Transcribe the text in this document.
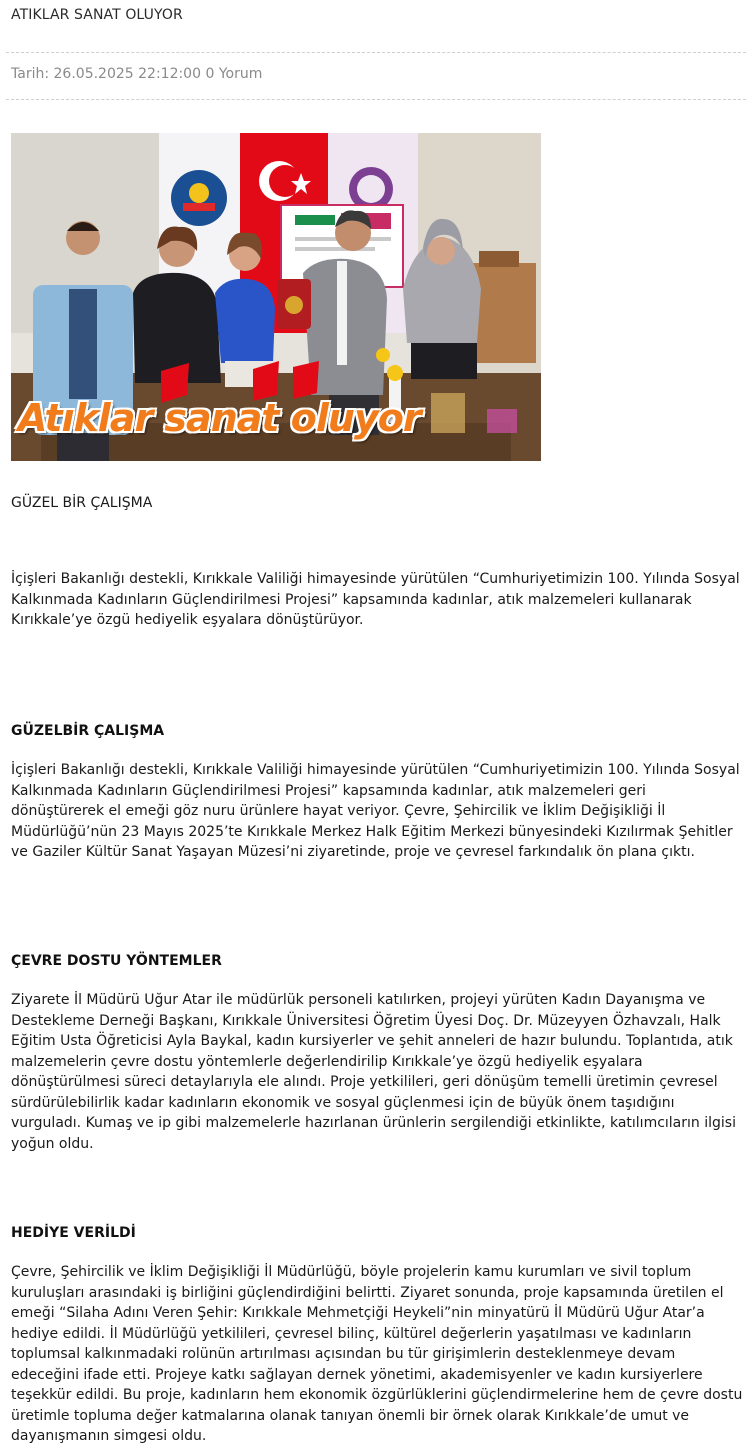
ATIKLAR SANAT OLUYOR
Tarih: 26.05.2025 22:12:00 0 Yorum
Atıklar sanat oluyor
GÜZEL BİR ÇALIŞMA

İçişleri Bakanlığı destekli, Kırıkkale Valiliği himayesinde yürütülen “Cumhuriyetimizin 100. Yılında Sosyal Kalkınmada Kadınların Güçlendirilmesi Projesi” kapsamında kadınlar, atık malzemeleri kullanarak Kırıkkale’ye özgü hediyelik eşyalara dönüştürüyor.

GÜZELBİR ÇALIŞMA

İçişleri Bakanlığı destekli, Kırıkkale Valiliği himayesinde yürütülen “Cumhuriyetimizin 100. Yılında Sosyal Kalkınmada Kadınların Güçlendirilmesi Projesi” kapsamında kadınlar, atık malzemeleri geri dönüştürerek el emeği göz nuru ürünlere hayat veriyor. Çevre, Şehircilik ve İklim Değişikliği İl Müdürlüğü’nün 23 Mayıs 2025’te Kırıkkale Merkez Halk Eğitim Merkezi bünyesindeki Kızılırmak Şehitler ve Gaziler Kültür Sanat Yaşayan Müzesi’ni ziyaretinde, proje ve çevresel farkındalık ön plana çıktı.

ÇEVRE DOSTU YÖNTEMLER

Ziyarete İl Müdürü Uğur Atar ile müdürlük personeli katılırken, projeyi yürüten Kadın Dayanışma ve Destekleme Derneği Başkanı, Kırıkkale Üniversitesi Öğretim Üyesi Doç. Dr. Müzeyyen Özhavzalı, Halk Eğitim Usta Öğreticisi Ayla Baykal, kadın kursiyerler ve şehit anneleri de hazır bulundu. Toplantıda, atık malzemelerin çevre dostu yöntemlerle değerlendirilip Kırıkkale’ye özgü hediyelik eşyalara dönüştürülmesi süreci detaylarıyla ele alındı. Proje yetkilileri, geri dönüşüm temelli üretimin çevresel sürdürülebilirlik kadar kadınların ekonomik ve sosyal güçlenmesi için de büyük önem taşıdığını vurguladı. Kumaş ve ip gibi malzemelerle hazırlanan ürünlerin sergilendiği etkinlikte, katılımcıların ilgisi yoğun oldu.

HEDİYE VERİLDİ

Çevre, Şehircilik ve İklim Değişikliği İl Müdürlüğü, böyle projelerin kamu kurumları ve sivil toplum kuruluşları arasındaki iş birliğini güçlendirdiğini belirtti. Ziyaret sonunda, proje kapsamında üretilen el emeği “Silaha Adını Veren Şehir: Kırıkkale Mehmetçiği Heykeli”nin minyatürü İl Müdürü Uğur Atar’a hediye edildi. İl Müdürlüğü yetkilileri, çevresel bilinç, kültürel değerlerin yaşatılması ve kadınların toplumsal kalkınmadaki rolünün artırılması açısından bu tür girişimlerin desteklenmeye devam edeceğini ifade etti. Projeye katkı sağlayan dernek yönetimi, akademisyenler ve kadın kursiyerlere teşekkür edildi. Bu proje, kadınların hem ekonomik özgürlüklerini güçlendirmelerine hem de çevre dostu üretimle topluma değer katmalarına olanak tanıyan önemli bir örnek olarak Kırıkkale’de umut ve dayanışmanın simgesi oldu.
